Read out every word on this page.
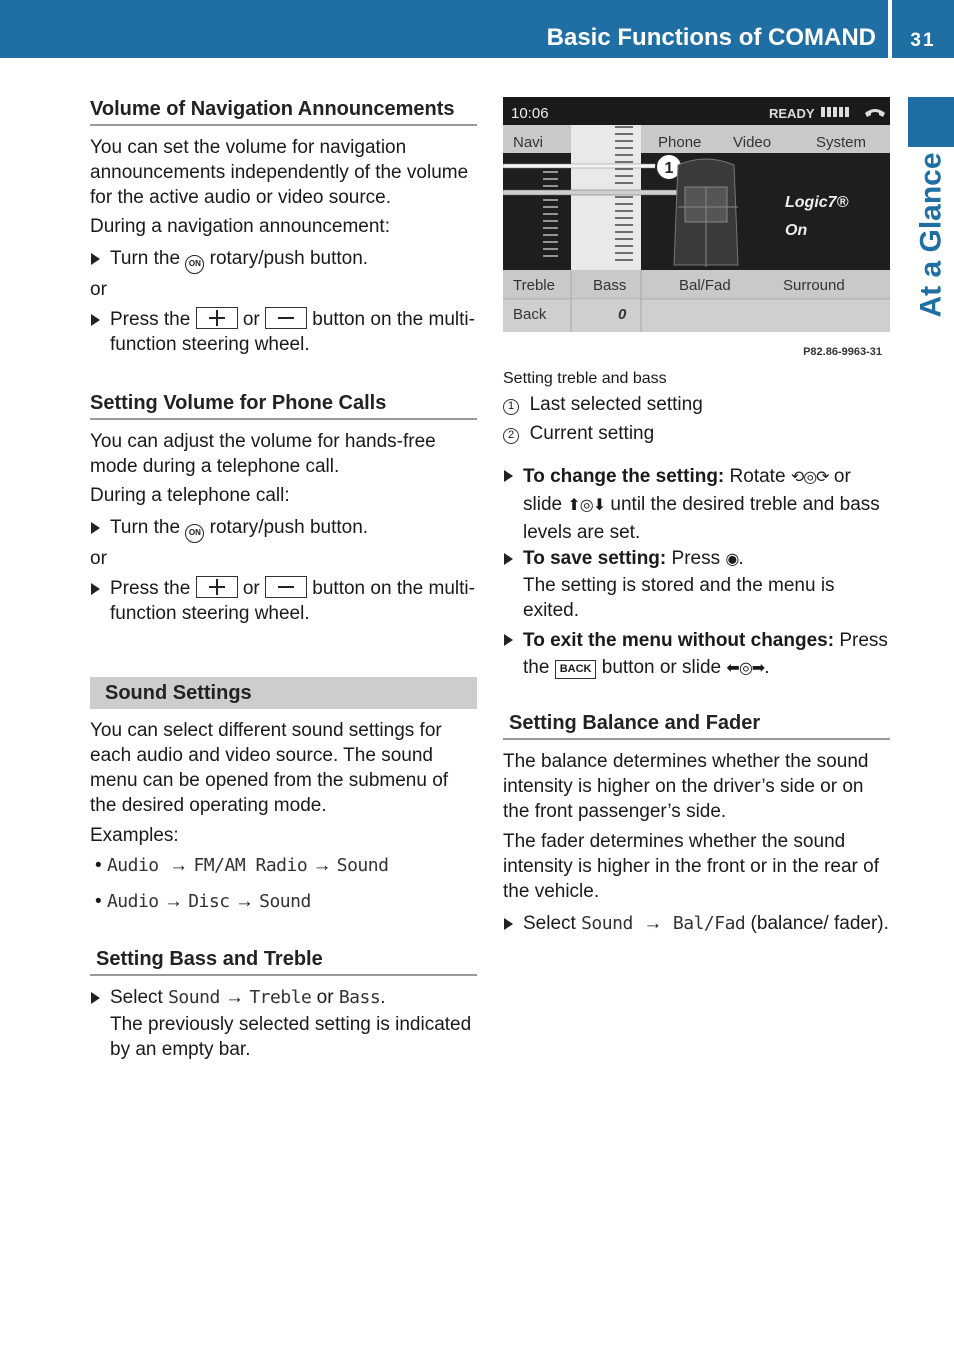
Basic Functions of COMAND	31
At a Glance
Volume of Navigation Announcements
You can set the volume for navigation announcements independently of the volume for the active audio or video source.
During a navigation announcement:
Turn the ON rotary/push button.
or
Press the	or	button on the multi-function steering wheel.
Setting Volume for Phone Calls
You can adjust the volume for hands-free mode during a telephone call.
During a telephone call:
Turn the ON rotary/push button.
or
Press the	or	button on the multi-function steering wheel.
Sound Settings
You can select different sound settings for each audio and video source. The sound menu can be opened from the submenu of the desired operating mode.
Examples:
• Audio  → FM/AM Radio → Sound
• Audio → Disc → Sound
Setting Bass and Treble
Select Sound → Treble or Bass.
The previously selected setting is indicated by an empty bar.
10:06	READY
Navi	Phone Video	System
1
Logic7®
On
Treble	Bass	Bal/Fad	Surround
Back	0
P82.86-9963-31
Setting treble and bass
1 Last selected setting
2 Current setting
To change the setting: Rotate ⟲◎⟳ or slide ⬆◎⬇ until the desired treble and bass levels are set.
To save setting: Press ◉.
The setting is stored and the menu is exited.
To exit the menu without changes: Press the BACK button or slide ⬅◎➡.
Setting Balance and Fader
The balance determines whether the sound intensity is higher on the driver’s side or on the front passenger’s side.
The fader determines whether the sound intensity is higher in the front or in the rear of the vehicle.
Select Sound  →  Bal/Fad (balance/ fader).
